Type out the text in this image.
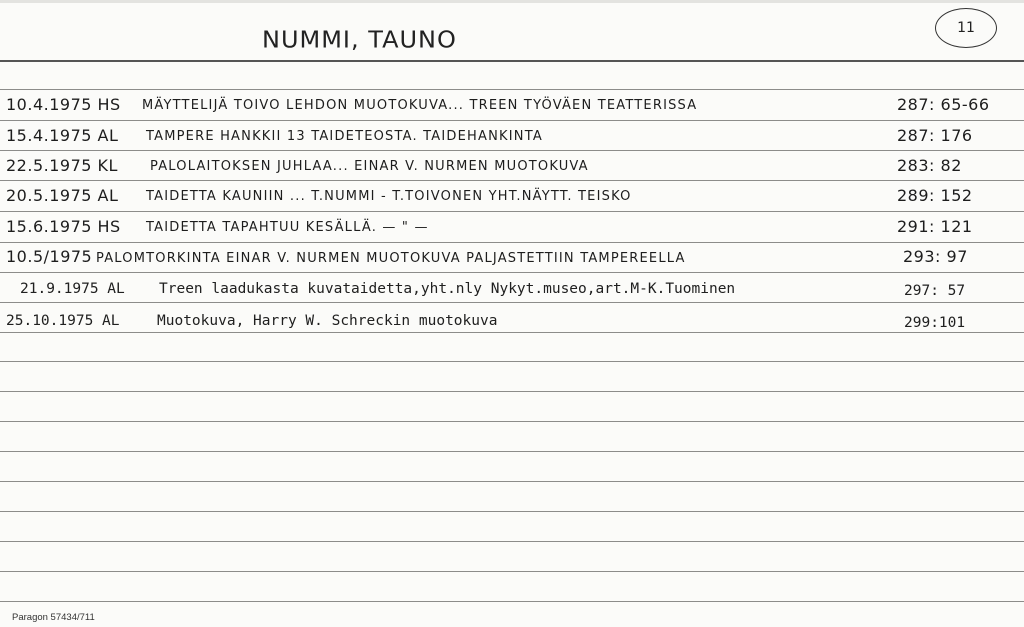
NUMMI, TAUNO	11
10.4.1975 HS MÄYTTELIJÄ TOIVO LEHDON MUOTOKUVA... TREEN TYÖVÄEN TEATTERISSA	287: 65-66
15.4.1975 AL TAMPERE HANKKII 13 TAIDETEOSTA. TAIDEHANKINTA	287: 176
22.5.1975 KL PALOLAITOKSEN JUHLAA... EINAR V. NURMEN MUOTOKUVA	283: 82
20.5.1975 AL TAIDETTA KAUNIIN ... T.NUMMI - T.TOIVONEN YHT.NÄYTT. TEISKO	289: 152
15.6.1975 HS TAIDETTA TAPAHTUU KESÄLLÄ. — " —	291: 121
10.5/1975 PALOMTORKINTA EINAR V. NURMEN MUOTOKUVA PALJASTETTIIN TAMPEREELLA	293: 97
21.9.1975 AL Treen laadukasta kuvataidetta,yht.nly Nykyt.museo,art.M-K.Tuominen	297: 57
25.10.1975 AL	Muotokuva, Harry W. Schreckin muotokuva	299:101
Paragon 57434/711
